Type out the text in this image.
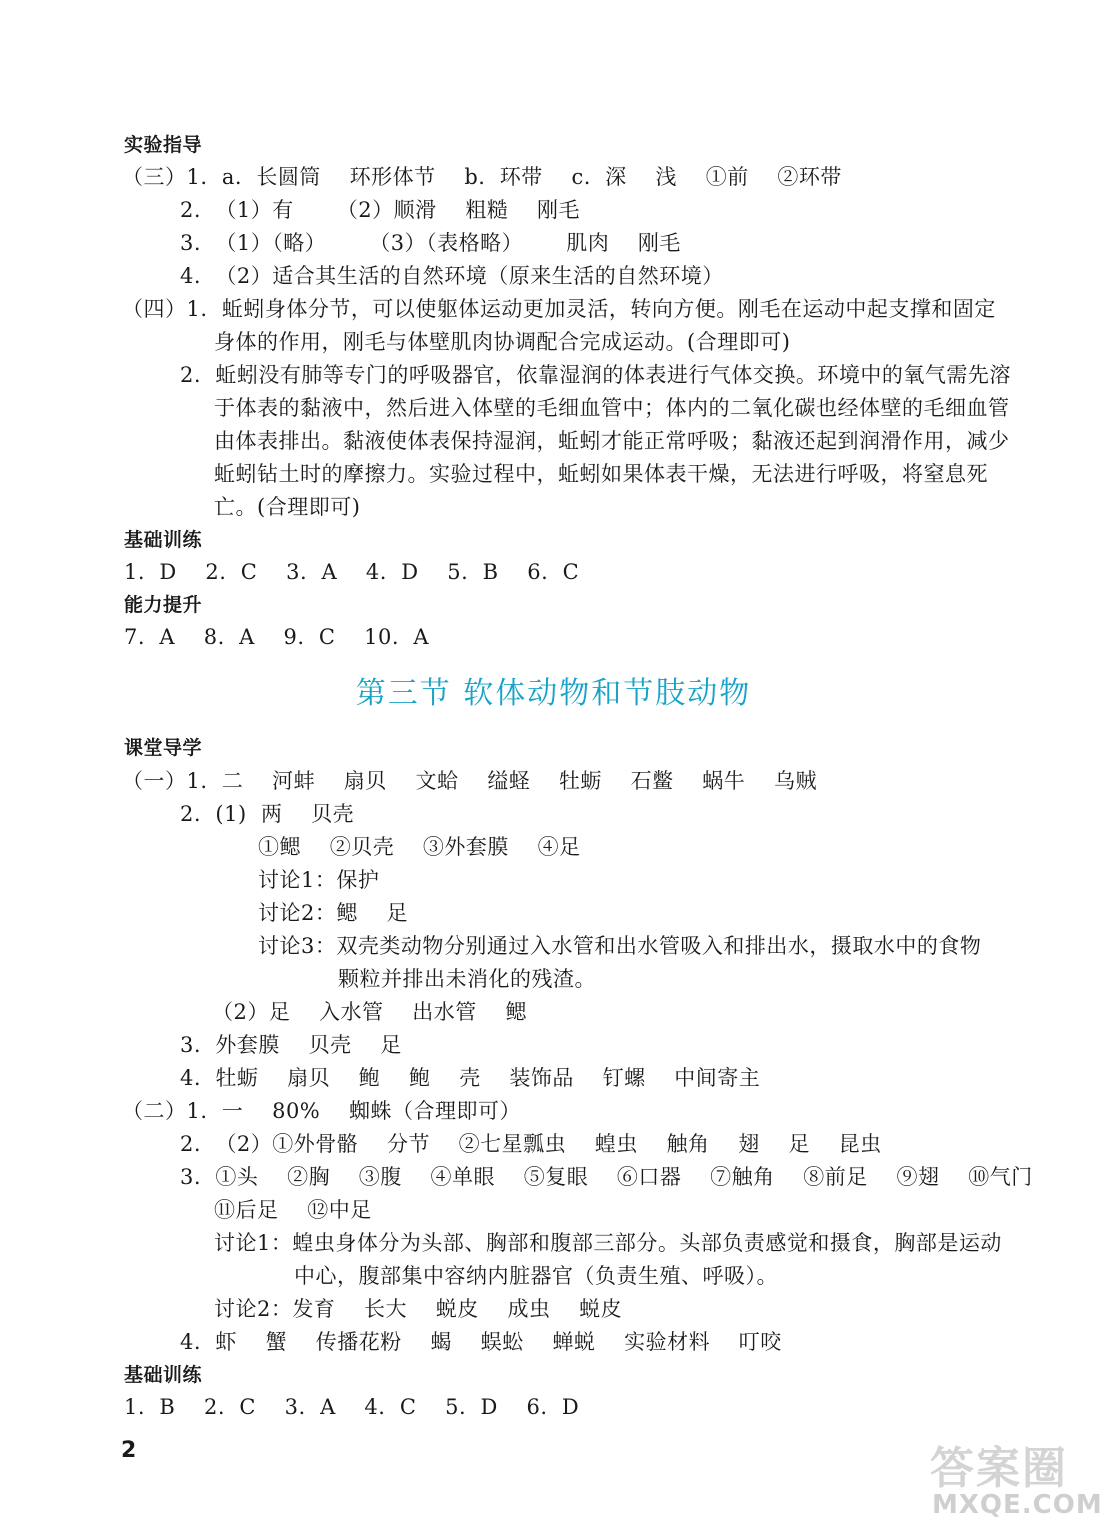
实验指导
（三）1.  a.  长圆筒    环形体节    b.  环带    c.  深    浅    ①前    ②环带
2.  （1）有      （2）顺滑    粗糙    刚毛
3.  （1）（略）      （3）（表格略）      肌肉    刚毛
4.  （2）适合其生活的自然环境（原来生活的自然环境）
（四）1.  蚯蚓身体分节，可以使躯体运动更加灵活，转向方便。刚毛在运动中起支撑和固定
身体的作用，刚毛与体壁肌肉协调配合完成运动。(合理即可)
2.  蚯蚓没有肺等专门的呼吸器官，依靠湿润的体表进行气体交换。环境中的氧气需先溶
于体表的黏液中，然后进入体壁的毛细血管中；体内的二氧化碳也经体壁的毛细血管
由体表排出。黏液使体表保持湿润，蚯蚓才能正常呼吸；黏液还起到润滑作用，减少
蚯蚓钻土时的摩擦力。实验过程中，蚯蚓如果体表干燥，无法进行呼吸，将窒息死
亡。(合理即可)
基础训练
1.  D    2.  C    3.  A    4.  D    5.  B    6.  C
能力提升
7.  A    8.  A    9.  C    10.  A
第三节 软体动物和节肢动物
课堂导学
（一）1.  二    河蚌    扇贝    文蛤    缢蛏    牡蛎    石鳖    蜗牛    乌贼
2.  (1)  两    贝壳
①鳃    ②贝壳    ③外套膜    ④足
讨论1：保护
讨论2：鳃    足
讨论3：双壳类动物分别通过入水管和出水管吸入和排出水，摄取水中的食物
颗粒并排出未消化的残渣。
（2）足    入水管    出水管    鳃
3.  外套膜    贝壳    足
4.  牡蛎    扇贝    鲍    鲍    壳    装饰品    钉螺    中间寄主
（二）1.  一    80%    蜘蛛（合理即可）
2.  （2）①外骨骼    分节    ②七星瓢虫    蝗虫    触角    翅    足    昆虫
3.  ①头    ②胸    ③腹    ④单眼    ⑤复眼    ⑥口器    ⑦触角    ⑧前足    ⑨翅    ⑩气门
⑪后足    ⑫中足
讨论1：蝗虫身体分为头部、胸部和腹部三部分。头部负责感觉和摄食，胸部是运动
中心，腹部集中容纳内脏器官（负责生殖、呼吸）。
讨论2：发育    长大    蜕皮    成虫    蜕皮
4.  虾    蟹    传播花粉    蝎    蜈蚣    蝉蜕    实验材料    叮咬
基础训练
1.  B    2.  C    3.  A    4.  C    5.  D    6.  D
2	答案圈
MXQE.COM
